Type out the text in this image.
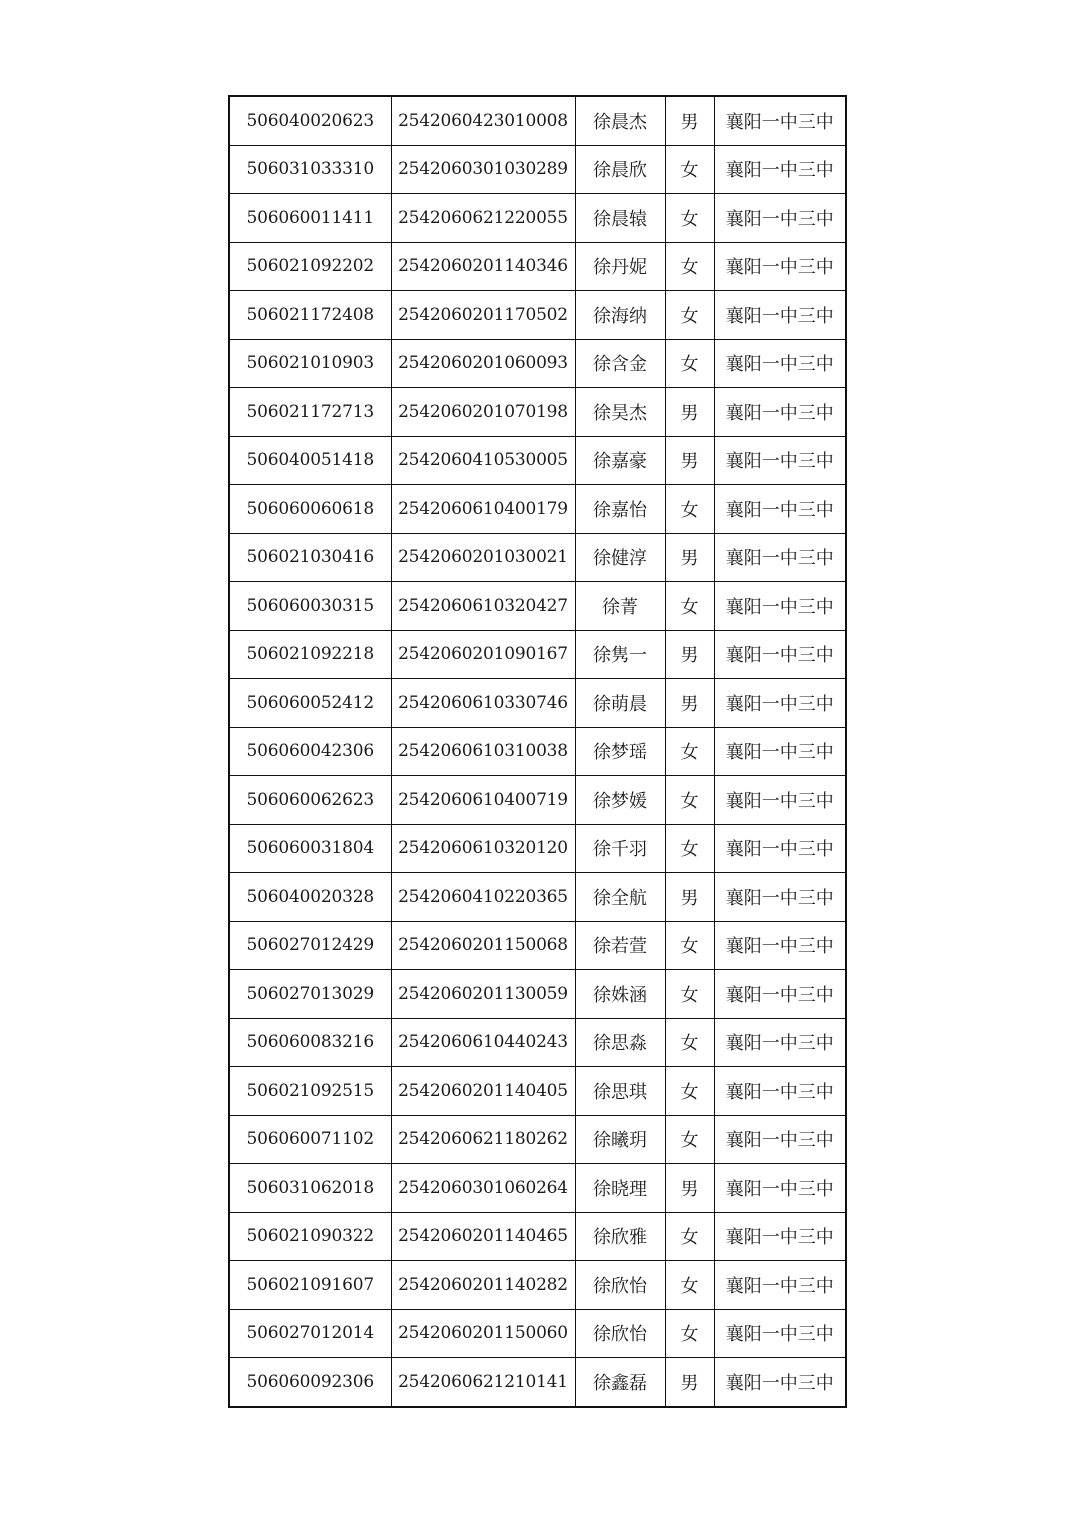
506040020623	2542060423010008	徐晨杰	男	襄阳一中三中
506031033310	2542060301030289	徐晨欣	女	襄阳一中三中
506060011411	2542060621220055	徐晨辕	女	襄阳一中三中
506021092202	2542060201140346	徐丹妮	女	襄阳一中三中
506021172408	2542060201170502	徐海纳	女	襄阳一中三中
506021010903	2542060201060093	徐含金	女	襄阳一中三中
506021172713	2542060201070198	徐昊杰	男	襄阳一中三中
506040051418	2542060410530005	徐嘉豪	男	襄阳一中三中
506060060618	2542060610400179	徐嘉怡	女	襄阳一中三中
506021030416	2542060201030021	徐健淳	男	襄阳一中三中
506060030315	2542060610320427	徐菁	女	襄阳一中三中
506021092218	2542060201090167	徐隽一	男	襄阳一中三中
506060052412	2542060610330746	徐萌晨	男	襄阳一中三中
506060042306	2542060610310038	徐梦瑶	女	襄阳一中三中
506060062623	2542060610400719	徐梦媛	女	襄阳一中三中
506060031804	2542060610320120	徐千羽	女	襄阳一中三中
506040020328	2542060410220365	徐全航	男	襄阳一中三中
506027012429	2542060201150068	徐若萱	女	襄阳一中三中
506027013029	2542060201130059	徐姝涵	女	襄阳一中三中
506060083216	2542060610440243	徐思淼	女	襄阳一中三中
506021092515	2542060201140405	徐思琪	女	襄阳一中三中
506060071102	2542060621180262	徐曦玥	女	襄阳一中三中
506031062018	2542060301060264	徐晓理	男	襄阳一中三中
506021090322	2542060201140465	徐欣雅	女	襄阳一中三中
506021091607	2542060201140282	徐欣怡	女	襄阳一中三中
506027012014	2542060201150060	徐欣怡	女	襄阳一中三中
506060092306	2542060621210141	徐鑫磊	男	襄阳一中三中
